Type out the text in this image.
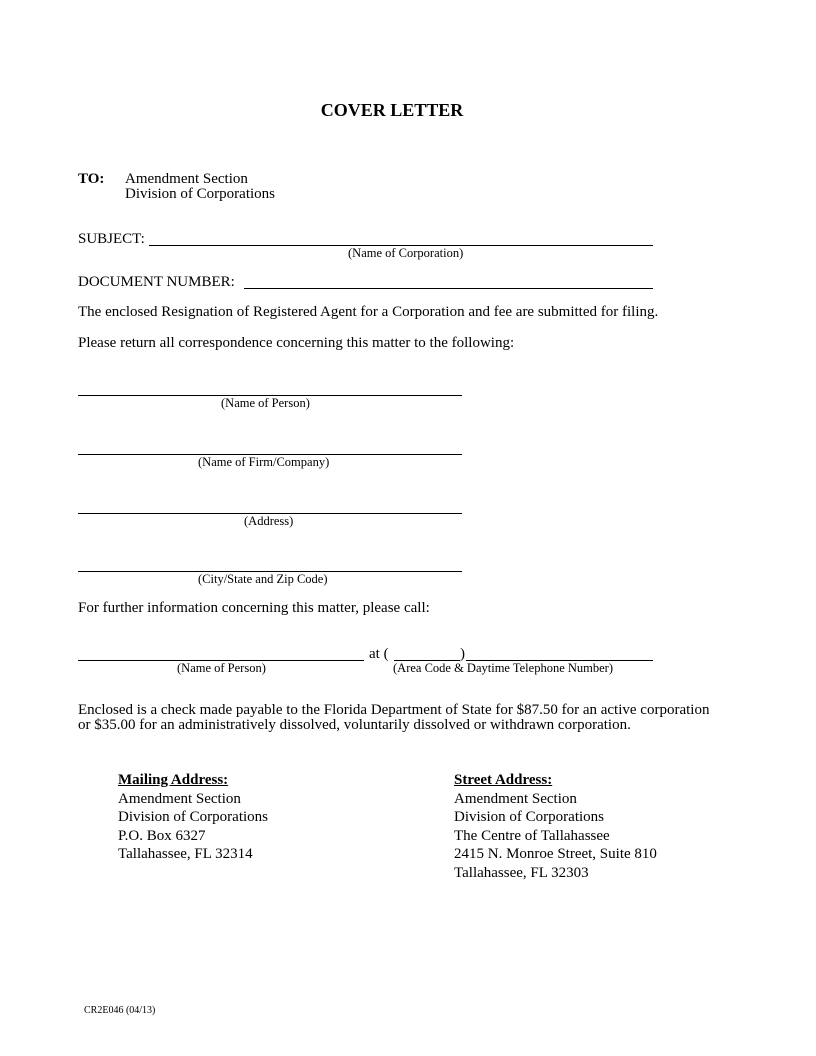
COVER LETTER
TO: Amendment Section
Division of Corporations
SUBJECT:
(Name of Corporation)
DOCUMENT NUMBER:
The enclosed Resignation of Registered Agent for a Corporation and fee are submitted for filing.
Please return all correspondence concerning this matter to the following:
(Name of Person)
(Name of Firm/Company)
(Address)
(City/State and Zip Code)
For further information concerning this matter, please call:
at (	)
(Name of Person)	(Area Code & Daytime Telephone Number)
Enclosed is a check made payable to the Florida Department of State for $87.50 for an active corporation
or $35.00 for an administratively dissolved, voluntarily dissolved or withdrawn corporation.
Mailing Address:
Amendment Section
Division of Corporations
P.O. Box 6327
Tallahassee, FL 32314
Street Address:
Amendment Section
Division of Corporations
The Centre of Tallahassee
2415 N. Monroe Street, Suite 810
Tallahassee, FL 32303
CR2E046 (04/13)
